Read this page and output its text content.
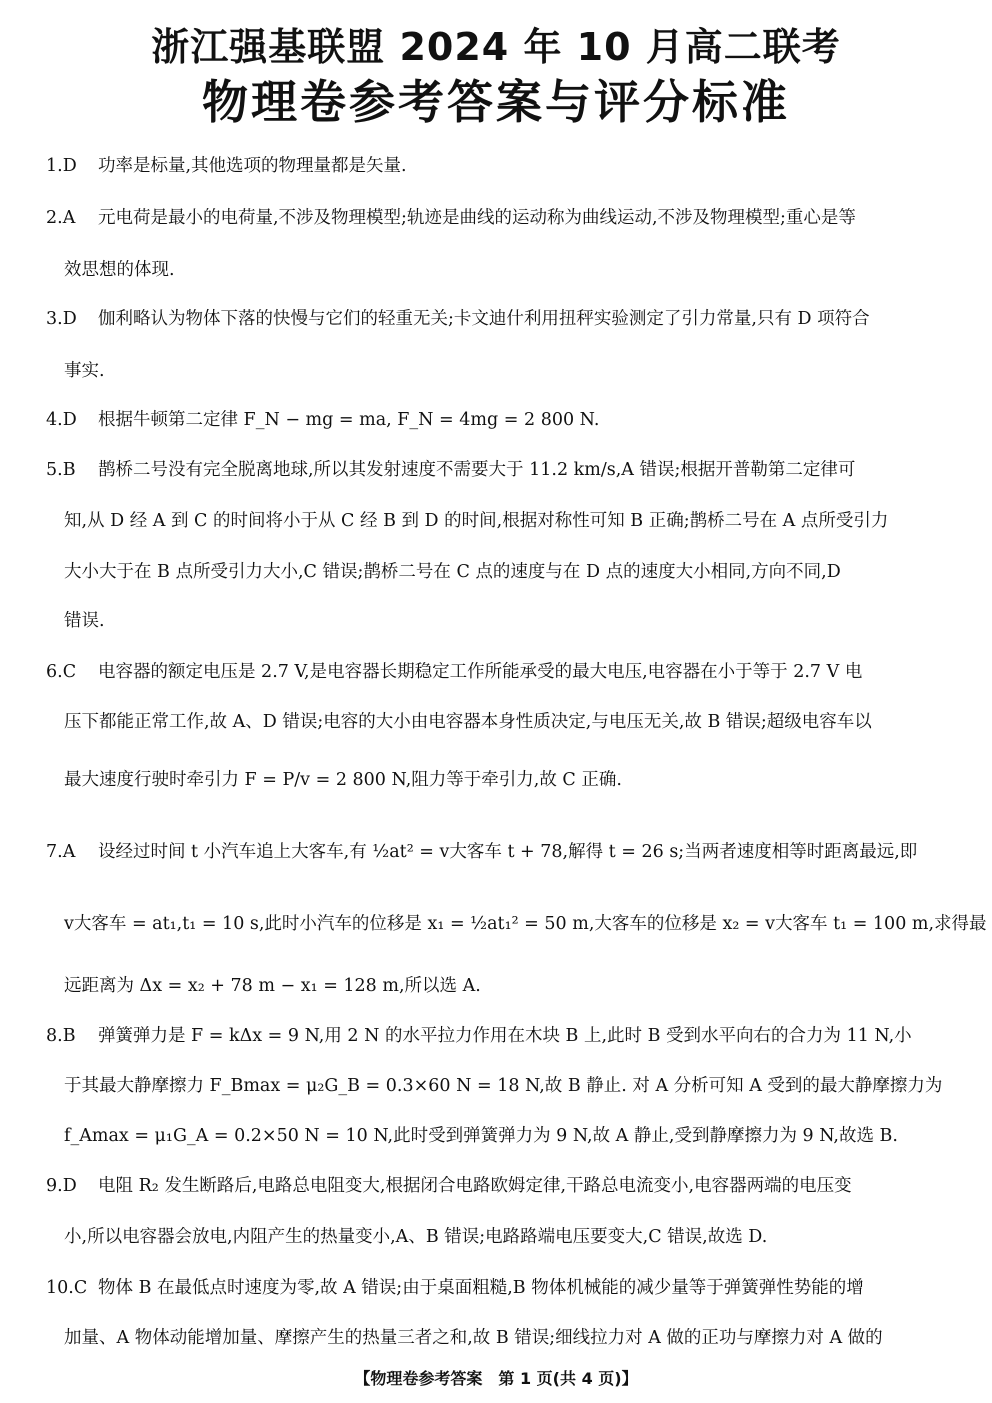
浙江强基联盟 2024 年 10 月高二联考
物理卷参考答案与评分标准
1.D 功率是标量,其他选项的物理量都是矢量.
2.A 元电荷是最小的电荷量,不涉及物理模型;轨迹是曲线的运动称为曲线运动,不涉及物理模型;重心是等
效思想的体现.
3.D 伽利略认为物体下落的快慢与它们的轻重无关;卡文迪什利用扭秤实验测定了引力常量,只有 D 项符合
事实.
4.D 根据牛顿第二定律 F_N − mg = ma, F_N = 4mg = 2 800 N.
5.B 鹊桥二号没有完全脱离地球,所以其发射速度不需要大于 11.2 km/s,A 错误;根据开普勒第二定律可
知,从 D 经 A 到 C 的时间将小于从 C 经 B 到 D 的时间,根据对称性可知 B 正确;鹊桥二号在 A 点所受引力
大小大于在 B 点所受引力大小,C 错误;鹊桥二号在 C 点的速度与在 D 点的速度大小相同,方向不同,D
错误.
6.C 电容器的额定电压是 2.7 V,是电容器长期稳定工作所能承受的最大电压,电容器在小于等于 2.7 V 电
压下都能正常工作,故 A、D 错误;电容的大小由电容器本身性质决定,与电压无关,故 B 错误;超级电容车以
最大速度行驶时牵引力 F = P/v = 2 800 N,阻力等于牵引力,故 C 正确.
7.A 设经过时间 t 小汽车追上大客车,有 ½at² = v大客车 t + 78,解得 t = 26 s;当两者速度相等时距离最远,即
v大客车 = at₁,t₁ = 10 s,此时小汽车的位移是 x₁ = ½at₁² = 50 m,大客车的位移是 x₂ = v大客车 t₁ = 100 m,求得最
远距离为 Δx = x₂ + 78 m − x₁ = 128 m,所以选 A.
8.B 弹簧弹力是 F = kΔx = 9 N,用 2 N 的水平拉力作用在木块 B 上,此时 B 受到水平向右的合力为 11 N,小
于其最大静摩擦力 F_Bmax = μ₂G_B = 0.3×60 N = 18 N,故 B 静止. 对 A 分析可知 A 受到的最大静摩擦力为
f_Amax = μ₁G_A = 0.2×50 N = 10 N,此时受到弹簧弹力为 9 N,故 A 静止,受到静摩擦力为 9 N,故选 B.
9.D 电阻 R₂ 发生断路后,电路总电阻变大,根据闭合电路欧姆定律,干路总电流变小,电容器两端的电压变
小,所以电容器会放电,内阻产生的热量变小,A、B 错误;电路路端电压要变大,C 错误,故选 D.
10.C 物体 B 在最低点时速度为零,故 A 错误;由于桌面粗糙,B 物体机械能的减少量等于弹簧弹性势能的增
加量、A 物体动能增加量、摩擦产生的热量三者之和,故 B 错误;细线拉力对 A 做的正功与摩擦力对 A 做的
【物理卷参考答案　第 1 页(共 4 页)】
